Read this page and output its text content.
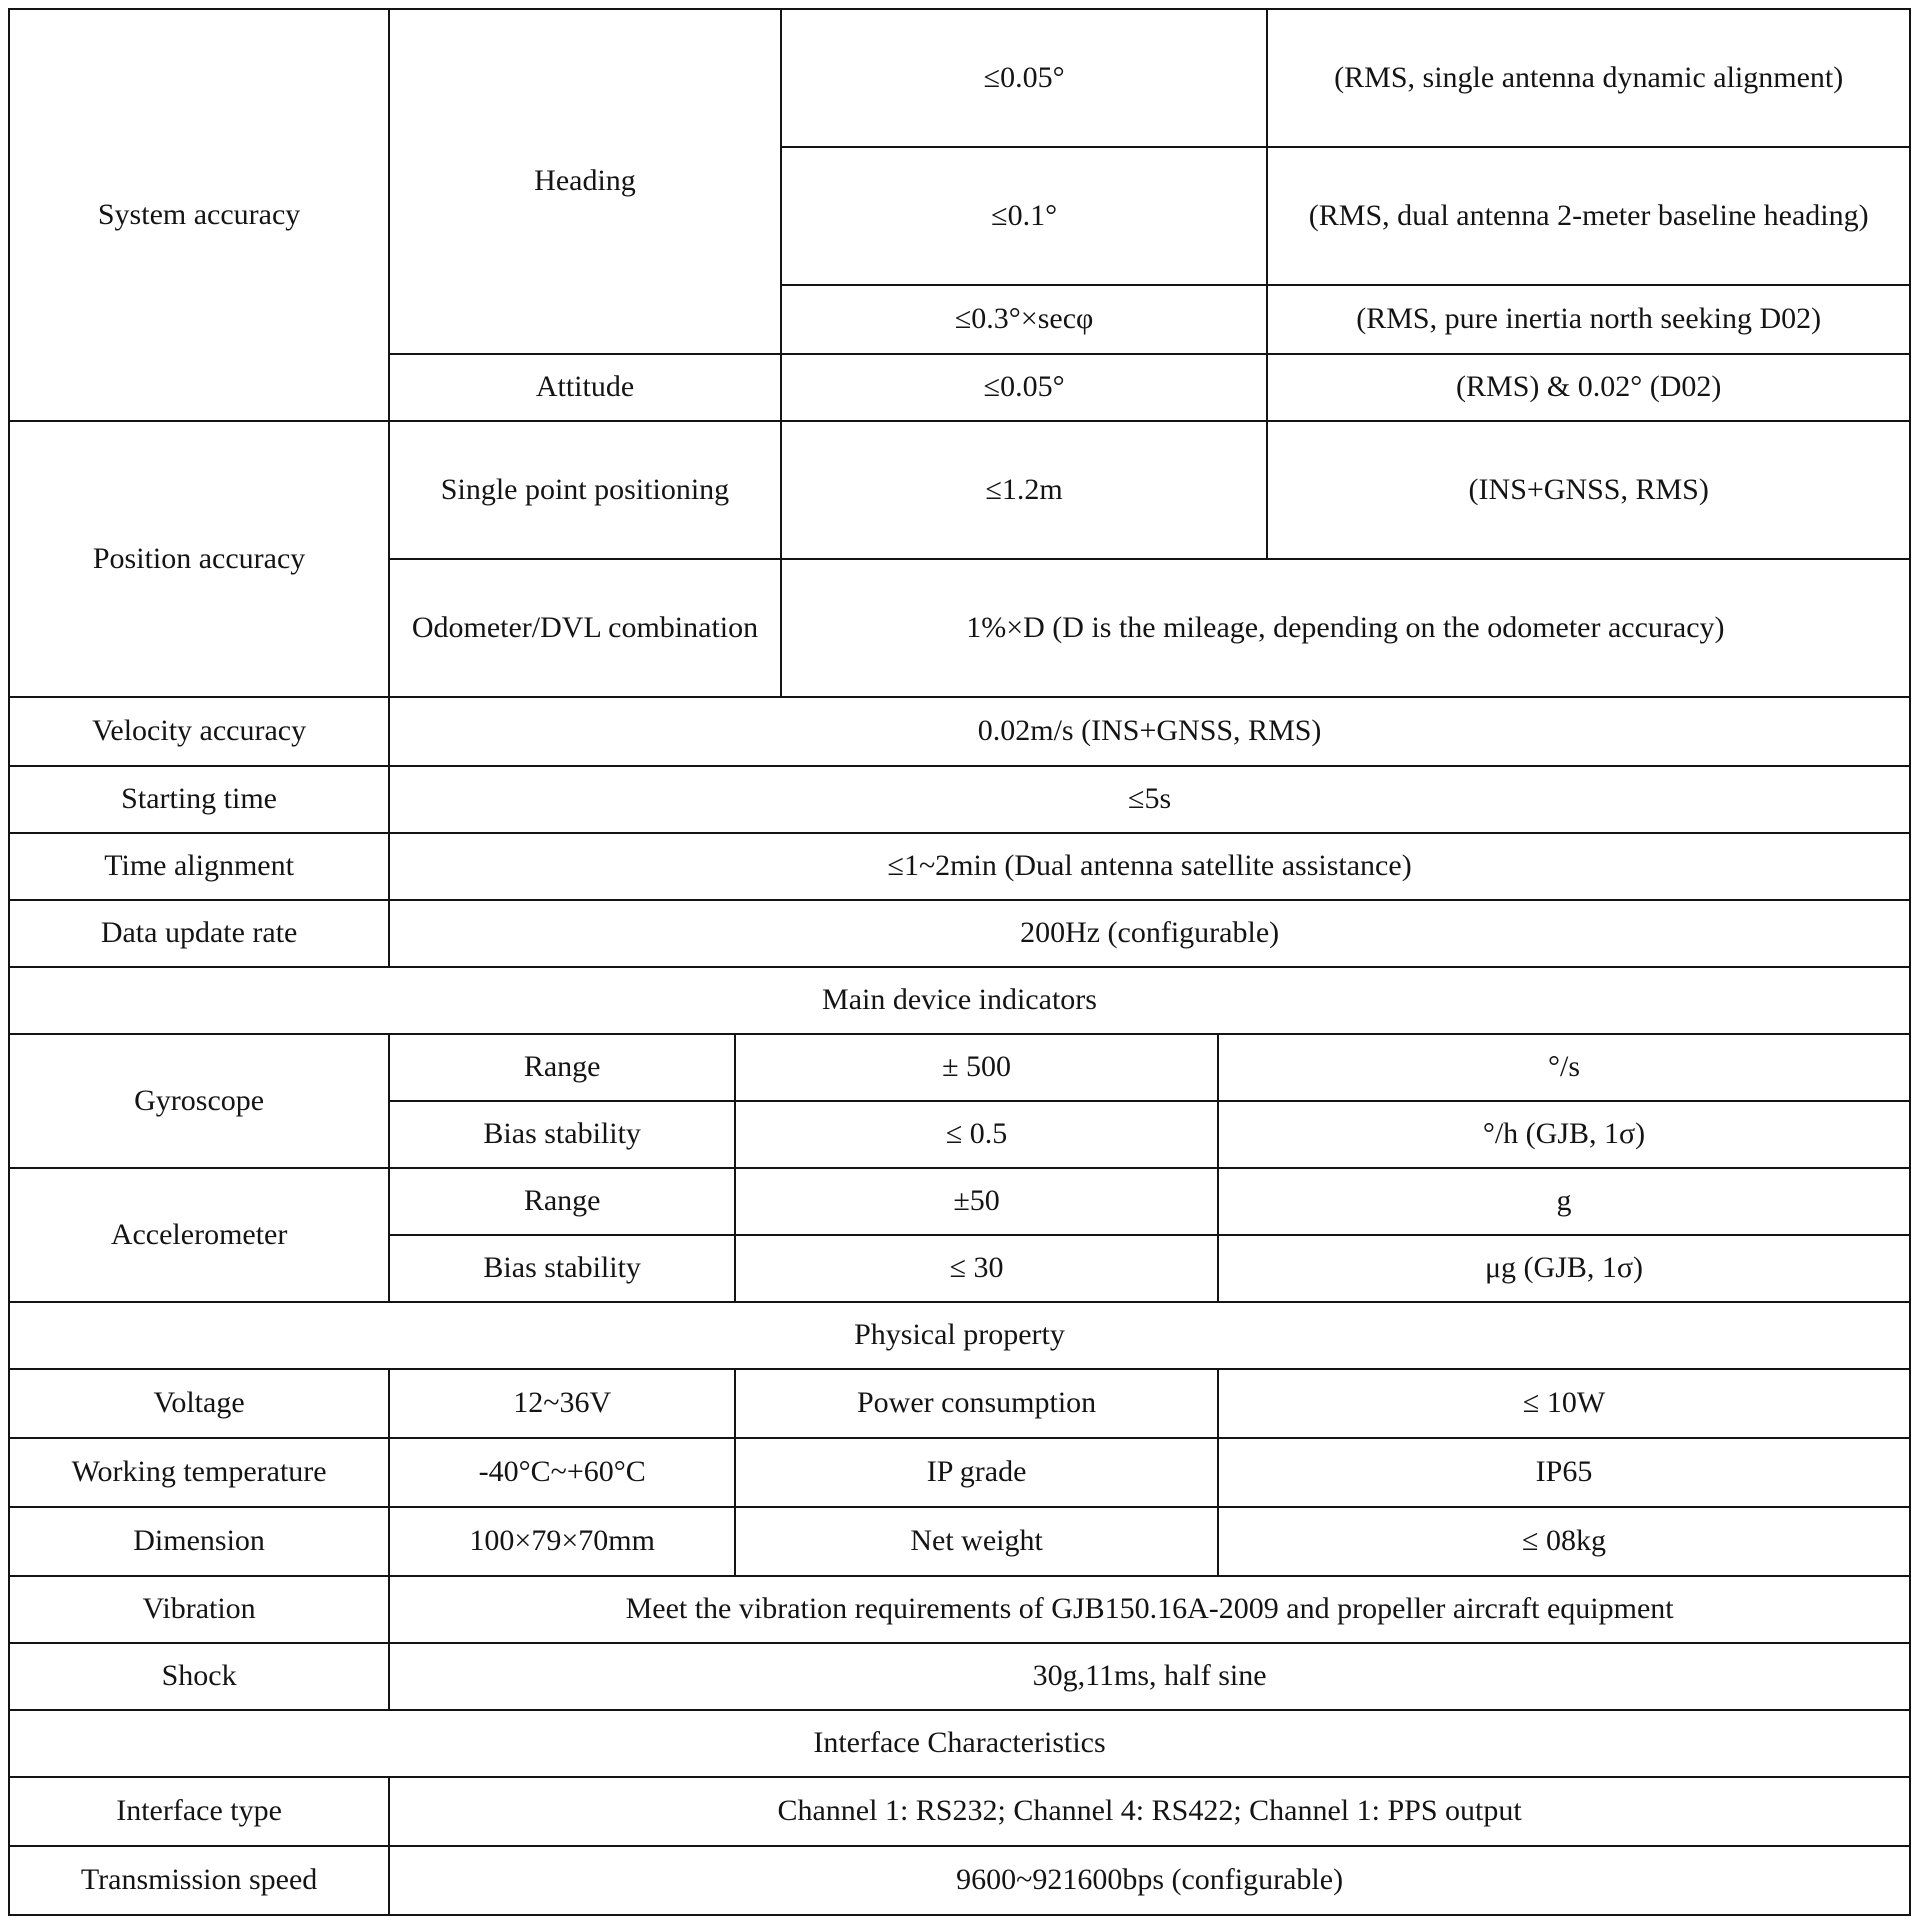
System accuracy	Heading	≤0.05°	(RMS, single antenna dynamic alignment)
		≤0.1°	(RMS, dual antenna 2-meter baseline heading)
		≤0.3°×secφ	(RMS, pure inertia north seeking D02)
	Attitude	≤0.05°	(RMS) & 0.02° (D02)
Position accuracy	Single point positioning	≤1.2m	(INS+GNSS, RMS)
	Odometer/DVL combination	1%×D (D is the mileage, depending on the odometer accuracy)	
Velocity accuracy	0.02m/s (INS+GNSS, RMS)		
Starting time	≤5s		
Time alignment	≤1~2min (Dual antenna satellite assistance)		
Data update rate	200Hz (configurable)		
Main device indicators			
Gyroscope	Range	± 500	°/s
	Bias stability	≤ 0.5	°/h (GJB, 1σ)
Accelerometer	Range	±50	g
	Bias stability	≤ 30	μg (GJB, 1σ)
Physical property			
Voltage	12~36V	Power consumption	≤ 10W
Working temperature	-40°C~+60°C	IP grade	IP65
Dimension	100×79×70mm	Net weight	≤ 08kg
Vibration	Meet the vibration requirements of GJB150.16A-2009 and propeller aircraft equipment		
Shock	30g,11ms, half sine		
Interface Characteristics	
Interface type	Channel 1: RS232; Channel 4: RS422; Channel 1: PPS output
Transmission speed	9600~921600bps (configurable)
